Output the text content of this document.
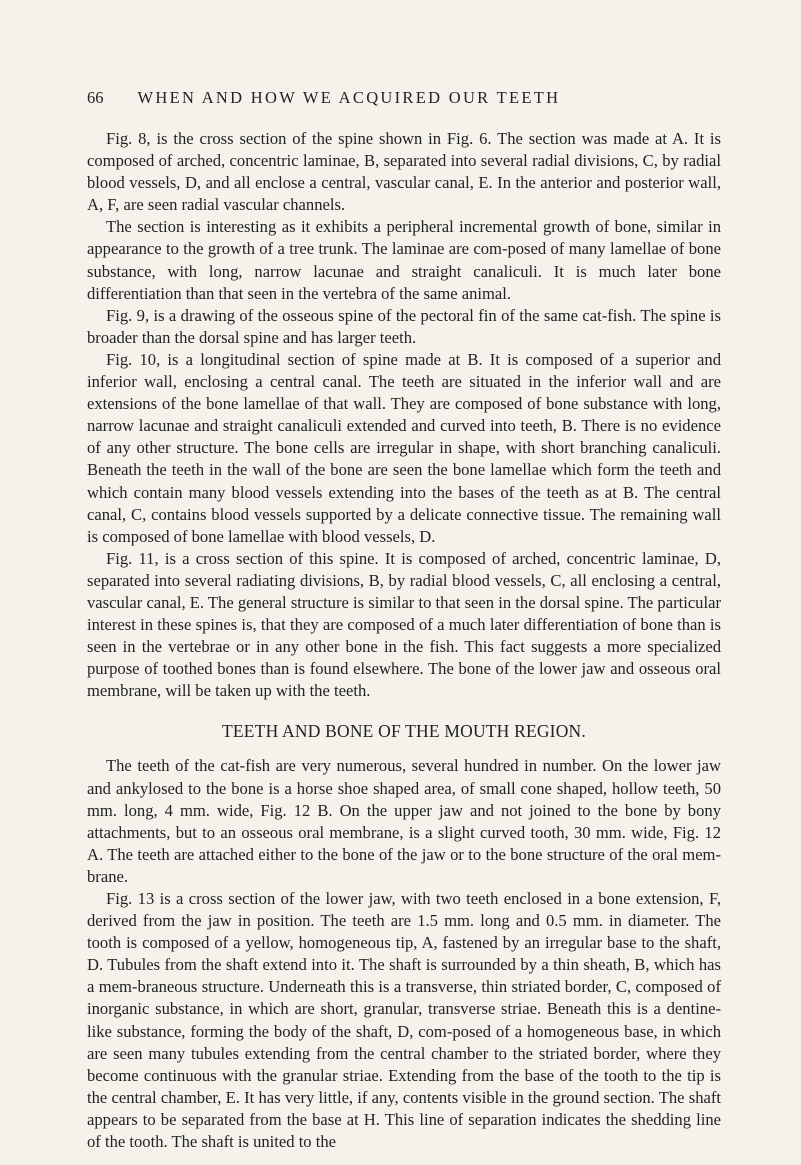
66 WHEN AND HOW WE ACQUIRED OUR TEETH

Fig. 8, is the cross section of the spine shown in Fig. 6. The section was made at A. It is composed of arched, concentric laminae, B, separated into several radial divisions, C, by radial blood vessels, D, and all enclose a central, vascular canal, E. In the anterior and posterior wall, A, F, are seen radial vascular channels.

The section is interesting as it exhibits a peripheral incremental growth of bone, similar in appearance to the growth of a tree trunk. The laminae are com-posed of many lamellae of bone substance, with long, narrow lacunae and straight canaliculi. It is much later bone differentiation than that seen in the vertebra of the same animal.

Fig. 9, is a drawing of the osseous spine of the pectoral fin of the same cat-fish. The spine is broader than the dorsal spine and has larger teeth.

Fig. 10, is a longitudinal section of spine made at B. It is composed of a superior and inferior wall, enclosing a central canal. The teeth are situated in the inferior wall and are extensions of the bone lamellae of that wall. They are composed of bone substance with long, narrow lacunae and straight canaliculi extended and curved into teeth, B. There is no evidence of any other structure. The bone cells are irregular in shape, with short branching canaliculi. Beneath the teeth in the wall of the bone are seen the bone lamellae which form the teeth and which contain many blood vessels extending into the bases of the teeth as at B. The central canal, C, contains blood vessels supported by a delicate connective tissue. The remaining wall is composed of bone lamellae with blood vessels, D.

Fig. 11, is a cross section of this spine. It is composed of arched, concentric laminae, D, separated into several radiating divisions, B, by radial blood vessels, C, all enclosing a central, vascular canal, E. The general structure is similar to that seen in the dorsal spine. The particular interest in these spines is, that they are composed of a much later differentiation of bone than is seen in the vertebrae or in any other bone in the fish. This fact suggests a more specialized purpose of toothed bones than is found elsewhere. The bone of the lower jaw and osseous oral membrane, will be taken up with the teeth.

TEETH AND BONE OF THE MOUTH REGION.

The teeth of the cat-fish are very numerous, several hundred in number. On the lower jaw and ankylosed to the bone is a horse shoe shaped area, of small cone shaped, hollow teeth, 50 mm. long, 4 mm. wide, Fig. 12 B. On the upper jaw and not joined to the bone by bony attachments, but to an osseous oral membrane, is a slight curved tooth, 30 mm. wide, Fig. 12 A. The teeth are attached either to the bone of the jaw or to the bone structure of the oral mem-brane.

Fig. 13 is a cross section of the lower jaw, with two teeth enclosed in a bone extension, F, derived from the jaw in position. The teeth are 1.5 mm. long and 0.5 mm. in diameter. The tooth is composed of a yellow, homogeneous tip, A, fastened by an irregular base to the shaft, D. Tubules from the shaft extend into it. The shaft is surrounded by a thin sheath, B, which has a mem-braneous structure. Underneath this is a transverse, thin striated border, C, composed of inorganic substance, in which are short, granular, transverse striae. Beneath this is a dentine-like substance, forming the body of the shaft, D, com-posed of a homogeneous base, in which are seen many tubules extending from the central chamber to the striated border, where they become continuous with the granular striae. Extending from the base of the tooth to the tip is the central chamber, E. It has very little, if any, contents visible in the ground section. The shaft appears to be separated from the base at H. This line of separation indicates the shedding line of the tooth. The shaft is united to the
